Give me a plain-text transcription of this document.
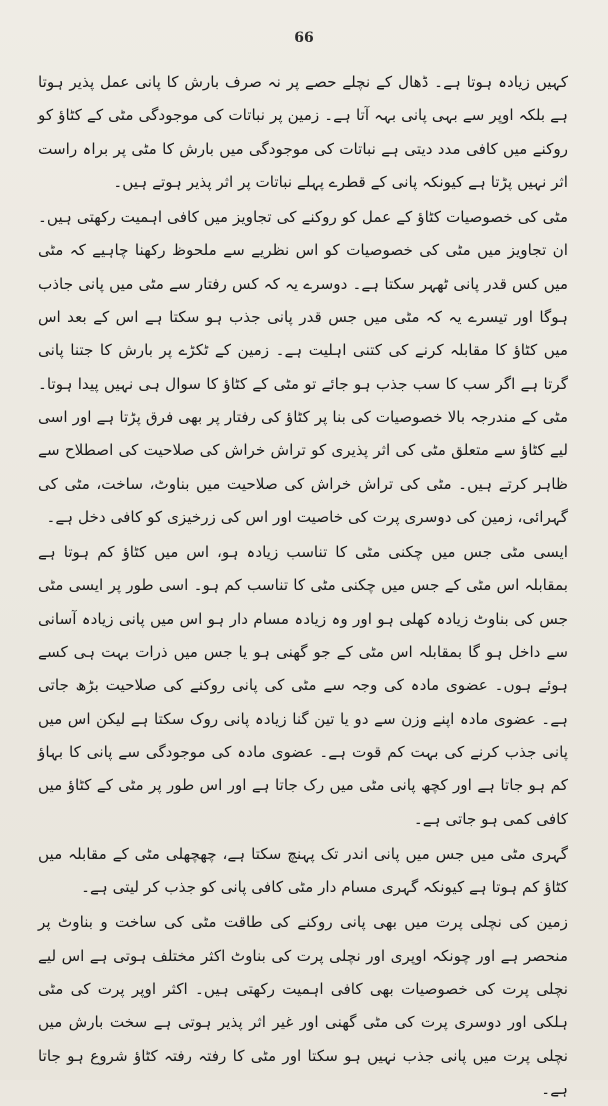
66

کہیں زیادہ ہوتا ہے۔ ڈھال کے نچلے حصے پر نہ صرف بارش کا پانی عمل پذیر ہوتا ہے بلکہ اوپر سے بہی پانی بہہ آتا ہے۔ زمین پر نباتات کی موجودگی مٹی کے کٹاؤ کو روکنے میں کافی مدد دیتی ہے نباتات کی موجودگی میں بارش کا مٹی پر براہ راست اثر نہیں پڑتا ہے کیونکہ پانی کے قطرے پہلے نباتات پر اثر پذیر ہوتے ہیں۔

مٹی کی خصوصیات کٹاؤ کے عمل کو روکنے کی تجاویز میں کافی اہمیت رکھتی ہیں۔ ان تجاویز میں مٹی کی خصوصیات کو اس نظریے سے ملحوظ رکھنا چاہیے کہ مٹی میں کس قدر پانی ٹھہر سکتا ہے۔ دوسرے یہ کہ کس رفتار سے مٹی میں پانی جاذب ہوگا اور تیسرے یہ کہ مٹی میں جس قدر پانی جذب ہو سکتا ہے اس کے بعد اس میں کٹاؤ کا مقابلہ کرنے کی کتنی اہلیت ہے۔ زمین کے ٹکڑے پر بارش کا جتنا پانی گرتا ہے اگر سب کا سب جذب ہو جائے تو مٹی کے کٹاؤ کا سوال ہی نہیں پیدا ہوتا۔ مٹی کے مندرجہ بالا خصوصیات کی بنا پر کٹاؤ کی رفتار پر بھی فرق پڑتا ہے اور اسی لیے کٹاؤ سے متعلق مٹی کی اثر پذیری کو تراش خراش کی صلاحیت کی اصطلاح سے ظاہر کرتے ہیں۔ مٹی کی تراش خراش کی صلاحیت میں بناوٹ، ساخت، مٹی کی گہرائی، زمین کی دوسری پرت کی خاصیت اور اس کی زرخیزی کو کافی دخل ہے۔

ایسی مٹی جس میں چکنی مٹی کا تناسب زیادہ ہو، اس میں کٹاؤ کم ہوتا ہے بمقابلہ اس مٹی کے جس میں چکنی مٹی کا تناسب کم ہو۔ اسی طور پر ایسی مٹی جس کی بناوٹ زیادہ کھلی ہو اور وہ زیادہ مسام دار ہو اس میں پانی زیادہ آسانی سے داخل ہو گا بمقابلہ اس مٹی کے جو گھنی ہو یا جس میں ذرات بہت ہی کسے ہوئے ہوں۔ عضوی مادہ کی وجہ سے مٹی کی پانی روکنے کی صلاحیت بڑھ جاتی ہے۔ عضوی مادہ اپنے وزن سے دو یا تین گنا زیادہ پانی روک سکتا ہے لیکن اس میں پانی جذب کرنے کی بہت کم قوت ہے۔ عضوی مادہ کی موجودگی سے پانی کا بہاؤ کم ہو جاتا ہے اور کچھ پانی مٹی میں رک جاتا ہے اور اس طور پر مٹی کے کٹاؤ میں کافی کمی ہو جاتی ہے۔

گہری مٹی میں جس میں پانی اندر تک پہنچ سکتا ہے، چھچھلی مٹی کے مقابلہ میں کٹاؤ کم ہوتا ہے کیونکہ گہری مسام دار مٹی کافی پانی کو جذب کر لیتی ہے۔

زمین کی نچلی پرت میں بھی پانی روکنے کی طاقت مٹی کی ساخت و بناوٹ پر منحصر ہے اور چونکہ اوپری اور نچلی پرت کی بناوٹ اکثر مختلف ہوتی ہے اس لیے نچلی پرت کی خصوصیات بھی کافی اہمیت رکھتی ہیں۔ اکثر اوپر پرت کی مٹی ہلکی اور دوسری پرت کی مٹی گھنی اور غیر اثر پذیر ہوتی ہے سخت بارش میں نچلی پرت میں پانی جذب نہیں ہو سکتا اور مٹی کا رفتہ رفتہ کٹاؤ شروع ہو جاتا ہے۔
